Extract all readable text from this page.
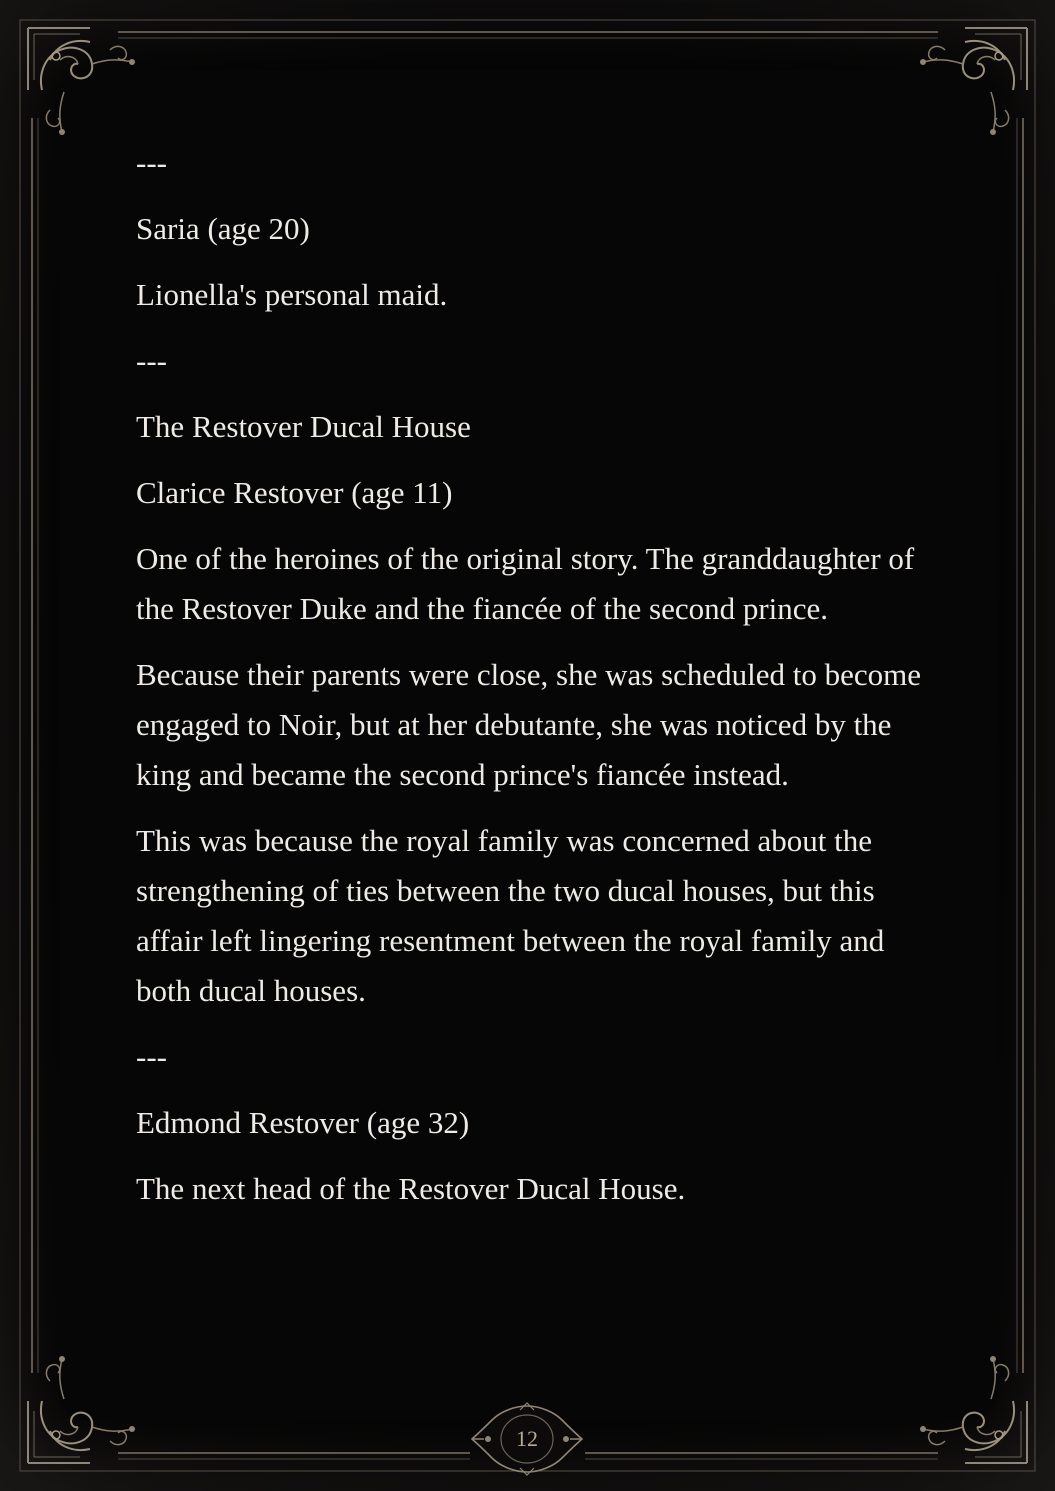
---

Saria (age 20)

Lionella's personal maid.

---

The Restover Ducal House

Clarice Restover (age 11)

One of the heroines of the original story. The granddaughter of the Restover Duke and the fiancée of the second prince.

Because their parents were close, she was scheduled to become engaged to Noir, but at her debutante, she was noticed by the king and became the second prince's fiancée instead.

This was because the royal family was concerned about the strengthening of ties between the two ducal houses, but this affair left lingering resentment between the royal family and both ducal houses.

---

Edmond Restover (age 32)

The next head of the Restover Ducal House.

12
